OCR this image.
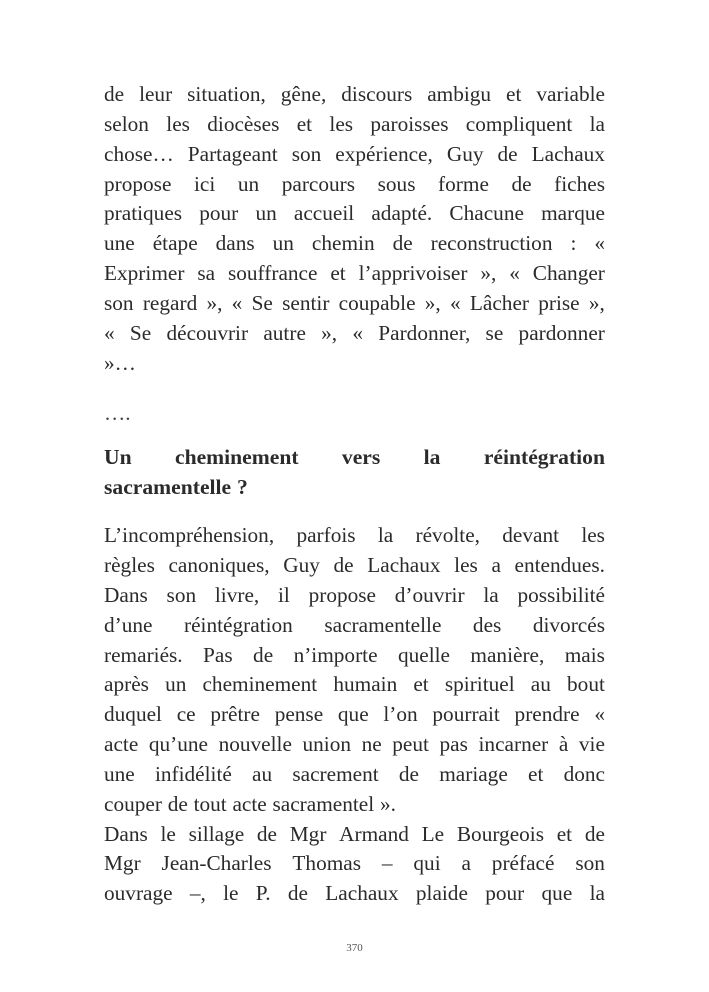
de leur situation, gêne, discours ambigu et variable
selon les diocèses et les paroisses compliquent la
chose… Partageant son expérience, Guy de Lachaux
propose ici un parcours sous forme de fiches
pratiques pour un accueil adapté. Chacune marque
une étape dans un chemin de reconstruction : «
Exprimer sa souffrance et l’apprivoiser », « Changer
son regard », « Se sentir coupable », « Lâcher prise »,
« Se découvrir autre », « Pardonner, se pardonner
»…
….
Un cheminement vers la réintégration
sacramentelle ?
L’incompréhension, parfois la révolte, devant les
règles canoniques, Guy de Lachaux les a entendues.
Dans son livre, il propose d’ouvrir la possibilité
d’une réintégration sacramentelle des divorcés
remariés. Pas de n’importe quelle manière, mais
après un cheminement humain et spirituel au bout
duquel ce prêtre pense que l’on pourrait prendre «
acte qu’une nouvelle union ne peut pas incarner à vie
une infidélité au sacrement de mariage et donc
couper de tout acte sacramentel ».
Dans le sillage de Mgr Armand Le Bourgeois et de
Mgr Jean-Charles Thomas – qui a préfacé son
ouvrage –, le P. de Lachaux plaide pour que la
370
